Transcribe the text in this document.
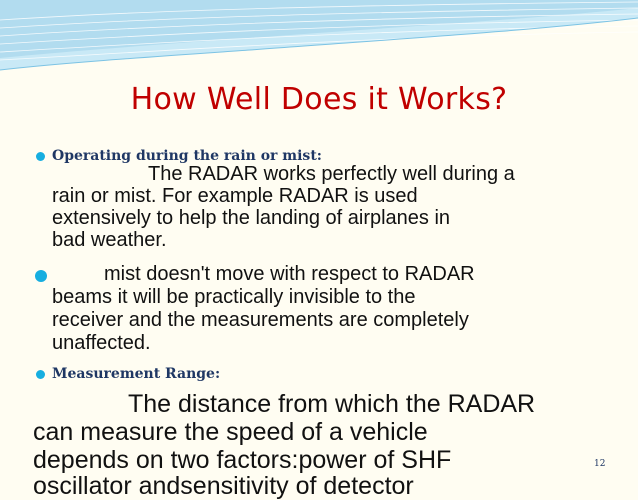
How Well Does it Works?
Operating during the rain or mist:
The RADAR works perfectly well during a
rain or mist. For example RADAR is used
extensively to help the landing of airplanes in
bad weather.
mist doesn't move with respect to RADAR
beams it will be practically invisible to the
receiver and the measurements are completely
unaffected.
Measurement Range:
The distance from which the RADAR
can measure the speed of a vehicle
depends on two factors:power of SHF
oscillator andsensitivity of detector
12
